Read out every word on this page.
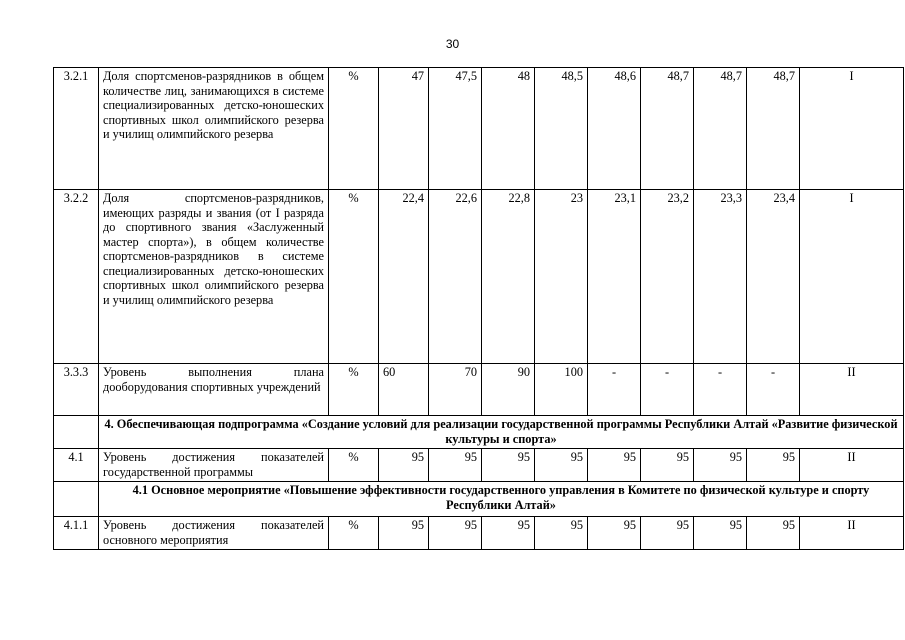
30
3.2.1	Доля спортсменов-разрядников в общем количестве лиц, занимающихся в системе специализированных детско-юношеских спортивных школ олимпийского резерва и училищ олимпийского резерва	%	47	47,5	48	48,5	48,6	48,7	48,7	48,7	I
3.2.2	Доля спортсменов-разрядников, имеющих разряды и звания (от I разряда до спортивного звания «Заслуженный мастер спорта»), в общем количестве спортсменов-разрядников в системе специализированных детско-юношеских спортивных школ олимпийского резерва и училищ олимпийского резерва	%	22,4	22,6	22,8	23	23,1	23,2	23,3	23,4	I
3.3.3	Уровень выполнения плана дооборудования спортивных учреждений	%	60	70	90	100	-	-	-	-	II
	4. Обеспечивающая подпрограмма «Создание условий для реализации государственной программы Республики Алтай «Развитие физической культуры и спорта»										
4.1	Уровень достижения показателей государственной программы	%	95	95	95	95	95	95	95	95	II
	4.1 Основное мероприятие «Повышение эффективности государственного управления в Комитете по физической культуре и спорту Республики Алтай»										
4.1.1	Уровень достижения показателей основного мероприятия	%	95	95	95	95	95	95	95	95	II
